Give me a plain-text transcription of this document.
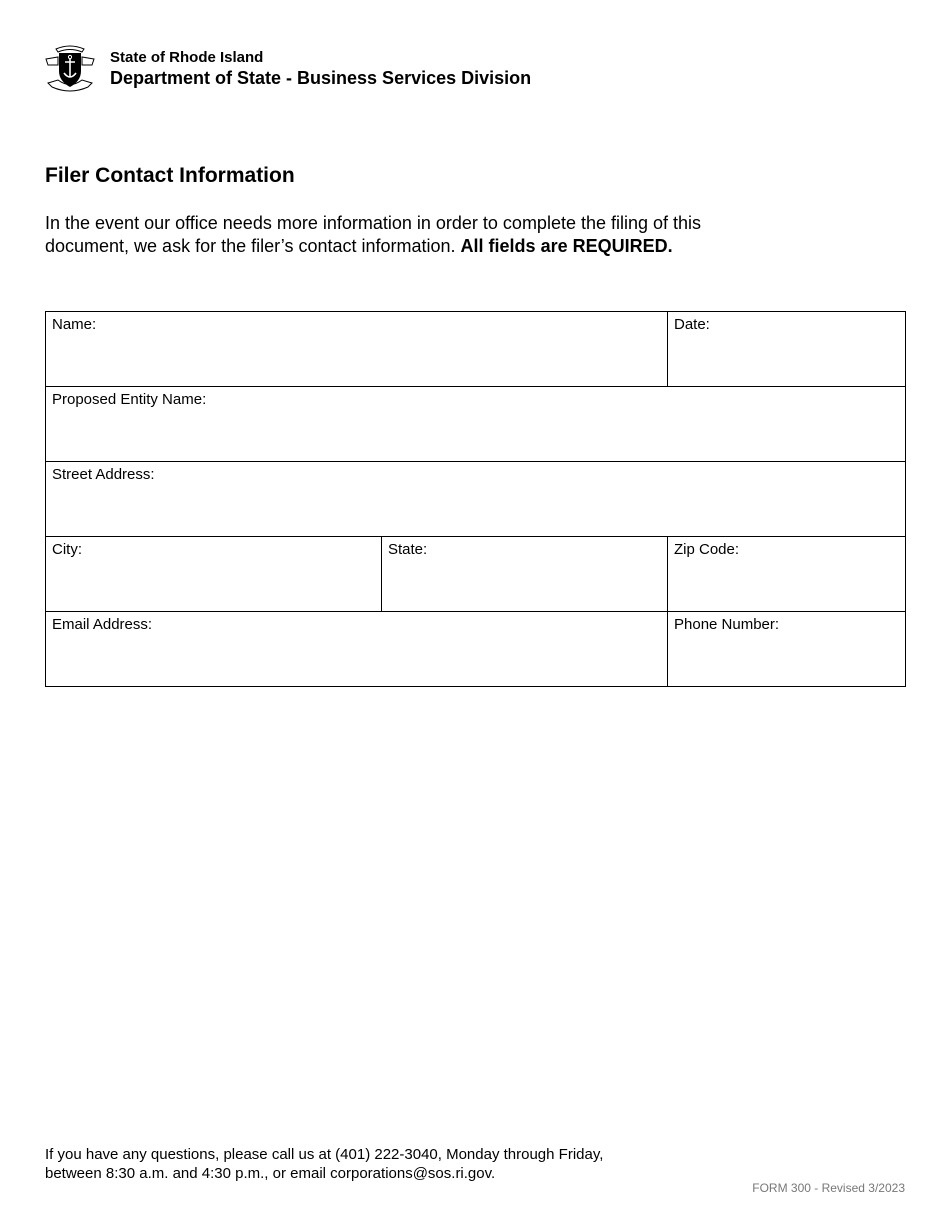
State of Rhode Island
Department of State - Business Services Division
Filer Contact Information

In the event our office needs more information in order to complete the filing of this document, we ask for the filer’s contact information. All fields are REQUIRED.

Name:		Date:

Proposed Entity Name:		

Street Address:		

City:	State:	Zip Code:

Email Address:		Phone Number:

If you have any questions, please call us at (401) 222-3040, Monday through Friday,
between 8:30 a.m. and 4:30 p.m., or email corporations@sos.ri.gov.

FORM 300 - Revised 3/2023
